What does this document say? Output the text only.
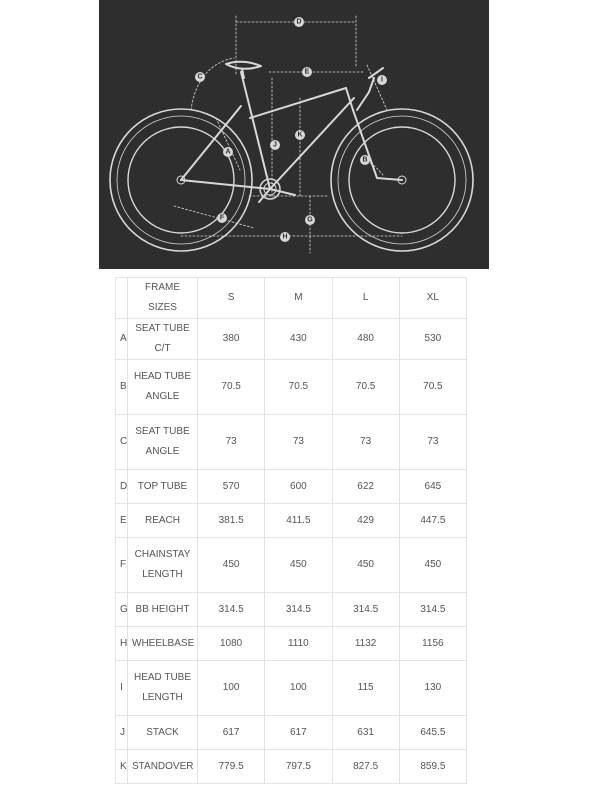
D
E
C	I
K
J
A
B
F	G
H
	FRAME SIZES	S	M	L	XL
A	SEAT TUBE C/T	380	430	480	530
B	HEAD TUBE ANGLE	70.5	70.5	70.5	70.5
C	SEAT TUBE ANGLE	73	73	73	73
D	TOP TUBE	570	600	622	645
E	REACH	381.5	411.5	429	447.5
F	CHAINSTAY LENGTH	450	450	450	450
G	BB HEIGHT	314.5	314.5	314.5	314.5
H	WHEELBASE	1080	1110	1132	1156
I	HEAD TUBE LENGTH	100	100	115	130
J	STACK	617	617	631	645.5
K	STANDOVER	779.5	797.5	827.5	859.5
